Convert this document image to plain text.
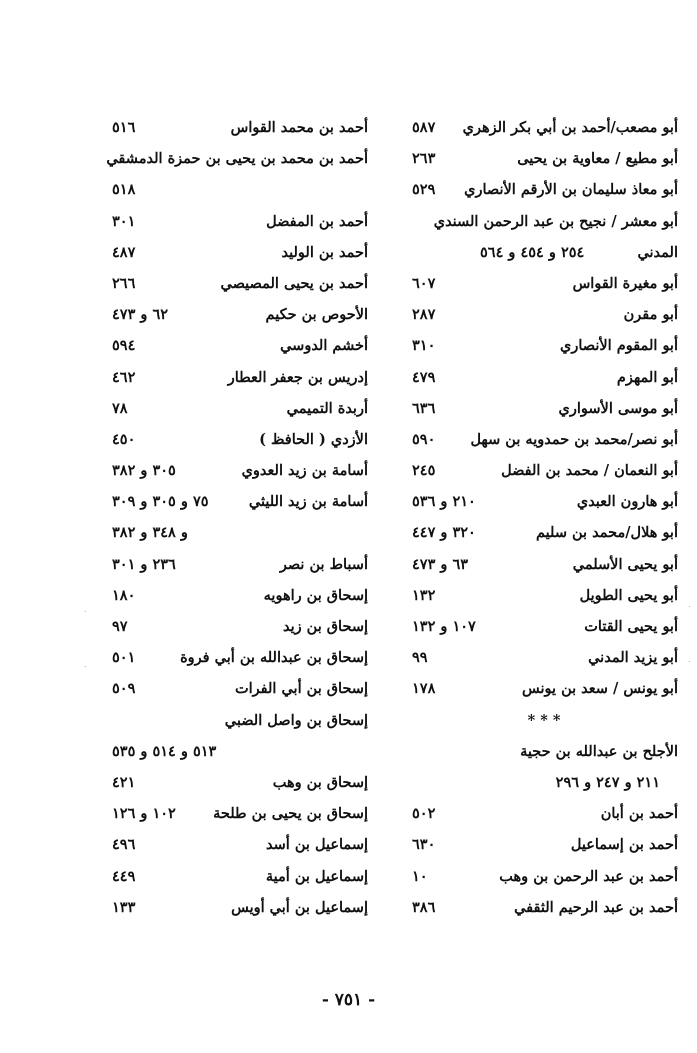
أبو مصعب/أحمد بن أبي بكر الزهري
٥٨٧
أبو مطيع / معاوية بن يحيى
٢٦٣
أبو معاذ سليمان بن الأرقم الأنصاري
٥٢٩
أبو معشر / نجيح بن عبد الرحمن السندي
المدني
٢٥٤ و ٤٥٤ و ٥٦٤
أبو مغيرة القواس
٦٠٧
أبو مقرن
٢٨٧
أبو المقوم الأنصاري
٣١٠
أبو المهزم
٤٧٩
أبو موسى الأسواري
٦٣٦
أبو نصر/محمد بن حمدويه بن سهل
٥٩٠
أبو النعمان / محمد بن الفضل
٢٤٥
أبو هارون العبدي
٢١٠ و ٥٣٦
أبو هلال/محمد بن سليم
٣٢٠ و ٤٤٧
أبو يحيى الأسلمي
٦٣ و ٤٧٣
أبو يحيى الطويل
١٣٢
أبو يحيى القتات
١٠٧ و ١٣٢
أبو يزيد المدني
٩٩
أبو يونس / سعد بن يونس
١٧٨
* * *
الأجلح بن عبدالله بن حجية
٢١١ و ٢٤٧ و ٢٩٦
أحمد بن أبان
٥٠٢
أحمد بن إسماعيل
٦٣٠
أحمد بن عبد الرحمن بن وهب
١٠
أحمد بن عبد الرحيم الثقفي
٣٨٦
أحمد بن محمد القواس
٥١٦
أحمد بن محمد بن يحيى بن حمزة الدمشقي
٥١٨
أحمد بن المفضل
٣٠١
أحمد بن الوليد
٤٨٧
أحمد بن يحيى المصيصي
٢٦٦
الأحوص بن حكيم
٦٢ و ٤٧٣
أخشم الدوسي
٥٩٤
إدريس بن جعفر العطار
٤٦٢
أربدة التميمي
٧٨
الأزدي ( الحافظ )
٤٥٠
أسامة بن زيد العدوي
٣٠٥ و ٣٨٢
أسامة بن زيد الليثي
٧٥ و ٣٠٥ و ٣٠٩
و ٣٤٨ و ٣٨٢
أسباط بن نصر
٢٣٦ و ٣٠١
إسحاق بن راهويه
١٨٠
إسحاق بن زيد
٩٧
إسحاق بن عبدالله بن أبي فروة
٥٠١
إسحاق بن أبي الفرات
٥٠٩
إسحاق بن واصل الضبي
٥١٣ و ٥١٤ و ٥٣٥
إسحاق بن وهب
٤٢١
إسحاق بن يحيى بن طلحة
١٠٢ و ١٢٦
إسماعيل بن أسد
٤٩٦
إسماعيل بن أمية
٤٤٩
إسماعيل بن أبي أويس
١٣٣
- ٧٥١ -
.
.
.
.
